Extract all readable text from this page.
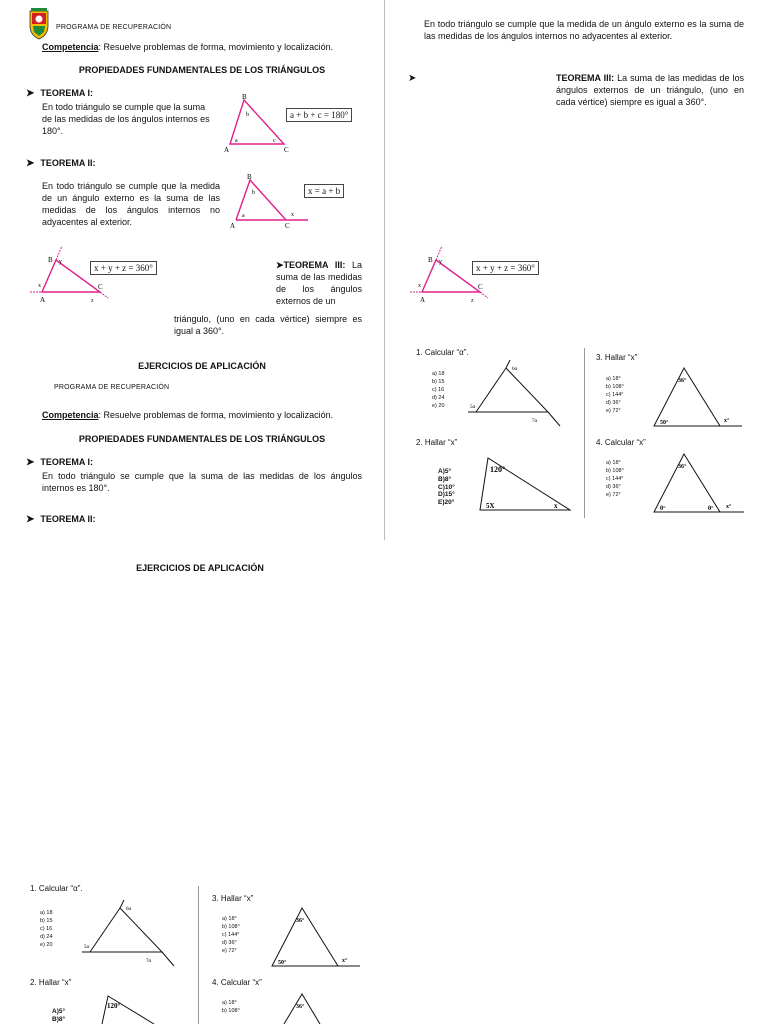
PROGRAMA DE RECUPERACIÓN
Competencia: Resuelve problemas de forma, movimiento y localización.
PROPIEDADES FUNDAMENTALES DE LOS TRIÁNGULOS
➤ TEOREMA I:
En todo triángulo se cumple que la suma de las medidas de los ángulos internos es 180°.
B
A	C
a
b
c
a + b + c = 180°
➤ TEOREMA II:
En todo triángulo se cumple que la medida de un ángulo externo es la suma de las medidas de los ángulos internos no adyacentes al exterior.
B
A	C
a
b
x
x = a + b
B
A
C
x
y
z
x + y + z = 360°	➤TEOREMA III: La suma de las medidas de los ángulos externos de un
triángulo, (uno en cada vértice) siempre es igual a 360°.
EJERCICIOS DE APLICACIÓN
PROGRAMA DE RECUPERACIÓN
Competencia: Resuelve problemas de forma, movimiento y localización.
PROPIEDADES FUNDAMENTALES DE LOS TRIÁNGULOS
➤ TEOREMA I:
En todo triángulo se cumple que la suma de las medidas de los ángulos internos es 180°.
➤ TEOREMA II:
EJERCICIOS DE APLICACIÓN
1. Calcular “α”.
a) 18
b) 15
c) 16
d) 24
e) 20
6α
5α
7α
2. Hallar “x”
A)5°
B)8°
120°
3. Hallar “x”
a) 18°
b) 108°
c) 144°
d) 36°
e) 72°
36°
50°	x°
4. Calcular “x”
a) 18°
b) 108°
36°
En todo triángulo se cumple que la medida de un ángulo externo es la suma de las medidas de los ángulos internos no adyacentes al exterior.
➤	TEOREMA III: La suma de las medidas de los ángulos externos de un triángulo, (uno en cada vértice) siempre es igual a 360°.
B
A
C
x
y
z
x + y + z = 360°
1. Calcular “α”.
a) 18
b) 15
c) 16
d) 24
e) 20
6α
5α
7α
2. Hallar “x”
A)5°
B)8°
C)10°
D)15°
E)20°
120°
5X	x
3. Hallar “x”
a) 18°
b) 108°
c) 144°
d) 36°
e) 72°
36°
50°	x°
4. Calcular “x”
a) 18°
b) 108°
c) 144°
d) 36°
e) 72°
36°
θ°	θ° x°
